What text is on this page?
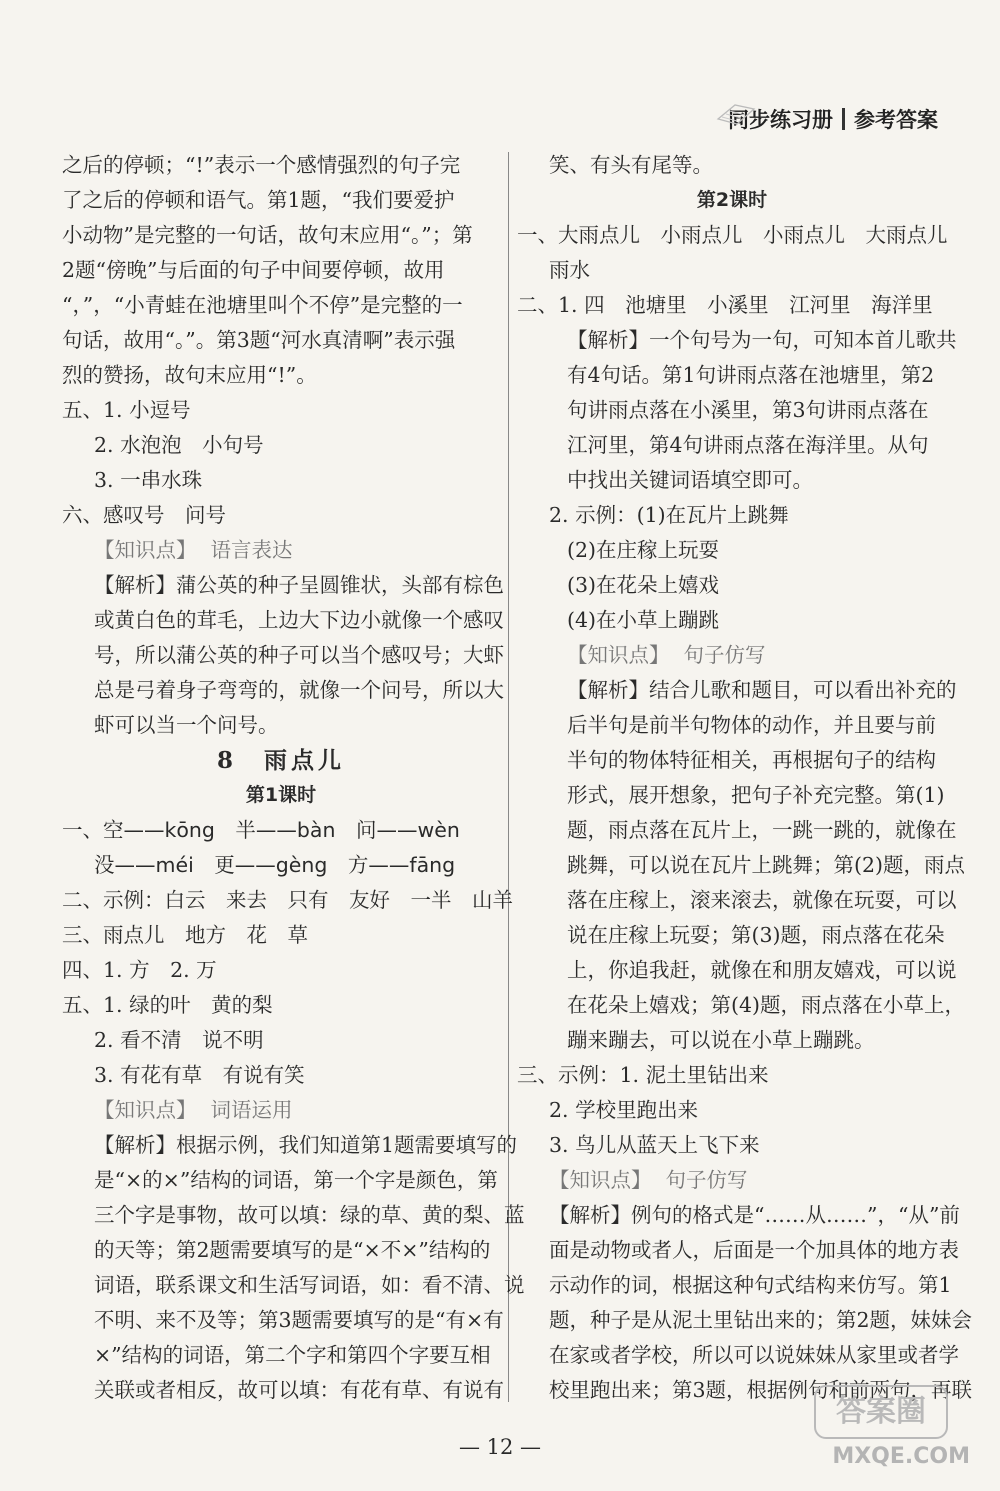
同步练习册 参考答案
之后的停顿；“!”表示一个感情强烈的句子完
了之后的停顿和语气。第1题，“我们要爱护
小动物”是完整的一句话，故句末应用“。”；第
2题“傍晚”与后面的句子中间要停顿，故用
“，”，“小青蛙在池塘里叫个不停”是完整的一
句话，故用“。”。第3题“河水真清啊”表示强
烈的赞扬，故句末应用“!”。
五、1. 小逗号
2. 水泡泡　小句号
3. 一串水珠
六、感叹号　问号
【知识点】 语言表达
【解析】蒲公英的种子呈圆锥状，头部有棕色
或黄白色的茸毛，上边大下边小就像一个感叹
号，所以蒲公英的种子可以当个感叹号；大虾
总是弓着身子弯弯的，就像一个问号，所以大
虾可以当一个问号。
8　雨点儿
第1课时
一、空——kōng　半——bàn　问——wèn
没——méi　更——gèng　方——fāng
二、示例：白云　来去　只有　友好　一半　山羊
三、雨点儿　地方　花　草
四、1. 方　2. 万
五、1. 绿的叶　黄的梨
2. 看不清　说不明
3. 有花有草　有说有笑
【知识点】 词语运用
【解析】根据示例，我们知道第1题需要填写的
是“×的×”结构的词语，第一个字是颜色，第
三个字是事物，故可以填：绿的草、黄的梨、蓝
的天等；第2题需要填写的是“×不×”结构的
词语，联系课文和生活写词语，如：看不清、说
不明、来不及等；第3题需要填写的是“有×有
×”结构的词语，第二个字和第四个字要互相
关联或者相反，故可以填：有花有草、有说有
笑、有头有尾等。
第2课时
一、大雨点儿　小雨点儿　小雨点儿　大雨点儿
雨水
二、1. 四　池塘里　小溪里　江河里　海洋里
【解析】一个句号为一句，可知本首儿歌共
有4句话。第1句讲雨点落在池塘里，第2
句讲雨点落在小溪里，第3句讲雨点落在
江河里，第4句讲雨点落在海洋里。从句
中找出关键词语填空即可。
2. 示例：(1)在瓦片上跳舞
(2)在庄稼上玩耍
(3)在花朵上嬉戏
(4)在小草上蹦跳
【知识点】 句子仿写
【解析】结合儿歌和题目，可以看出补充的
后半句是前半句物体的动作，并且要与前
半句的物体特征相关，再根据句子的结构
形式，展开想象，把句子补充完整。第(1)
题，雨点落在瓦片上，一跳一跳的，就像在
跳舞，可以说在瓦片上跳舞；第(2)题，雨点
落在庄稼上，滚来滚去，就像在玩耍，可以
说在庄稼上玩耍；第(3)题，雨点落在花朵
上，你追我赶，就像在和朋友嬉戏，可以说
在花朵上嬉戏；第(4)题，雨点落在小草上，
蹦来蹦去，可以说在小草上蹦跳。
三、示例：1. 泥土里钻出来
2. 学校里跑出来
3. 鸟儿从蓝天上飞下来
【知识点】 句子仿写
【解析】例句的格式是“……从……”，“从”前
面是动物或者人，后面是一个加具体的地方表
示动作的词，根据这种句式结构来仿写。第1
题，种子是从泥土里钻出来的；第2题，妹妹会
在家或者学校，所以可以说妹妹从家里或者学
校里跑出来；第3题，根据例句和前两句，再联
— 12 —
答案圈
MXQE.COM
